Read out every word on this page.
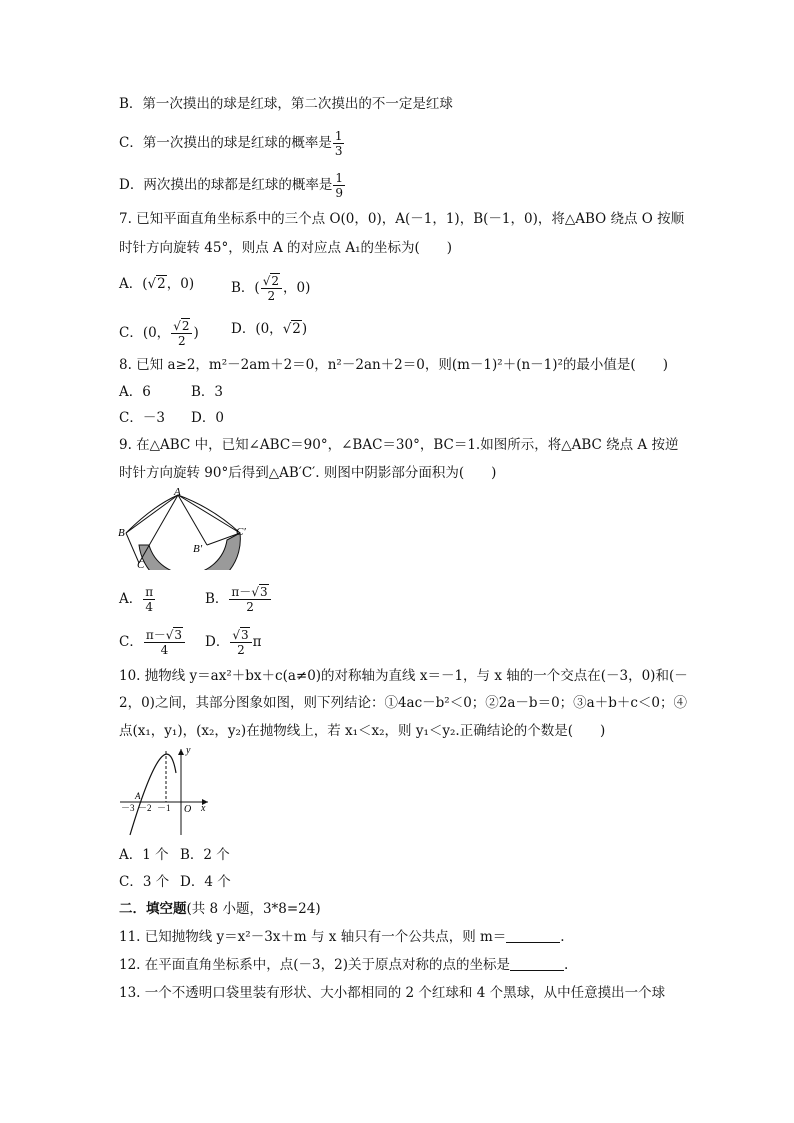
B．第一次摸出的球是红球，第二次摸出的不一定是红球
C．第一次摸出的球是红球的概率是 $\frac{1}{3}$
D．两次摸出的球都是红球的概率是 $\frac{1}{9}$
7. 已知平面直角坐标系中的三个点 O(0，0)，A(－1，1)，B(－1，0)，将△ABO 绕点 O 按顺
时针方向旋转 45°，则点 A 的对应点 A₁的坐标为(　　)
A．(√2，0)	B．( $\frac{√2}{2}$ ，0)
C．(0， $\frac{√2}{2}$ ) D．(0，√2)
8. 已知 a≥2，m²－2am＋2＝0，n²－2an＋2＝0，则(m－1)²＋(n－1)²的最小值是(　　)
A．6	B．3
C．－3 D．0
9. 在△ABC 中，已知∠ABC＝90°，∠BAC＝30°，BC＝1.如图所示，将△ABC 绕点 A 按逆
时针方向旋转 90°后得到△AB′C′. 则图中阴影部分面积为(　　)
A
B
C
B′
C′
A． $\frac{\pi}{4}$	B． $\frac{\pi-√3}{2}$
C． $\frac{\pi-√3}{4}$ D． $\frac{√3}{2}$ π
10. 抛物线 y＝ax²＋bx＋c(a≠0)的对称轴为直线 x＝－1，与 x 轴的一个交点在(－3，0)和(－
2，0)之间，其部分图象如图，则下列结论：①4ac－b²＜0；②2a－b＝0；③a＋b＋c＜0；④
点(x₁，y₁)，(x₂，y₂)在抛物线上，若 x₁＜x₂，则 y₁＜y₂.正确结论的个数是(　　)
y
x
O
A
－3 －2 －1
A．1 个 B．2 个
C．3 个 D．4 个
二．填空题(共 8 小题，3*8=24)
11. 已知抛物线 y＝x²－3x＋m 与 x 轴只有一个公共点，则 m＝	.
12. 在平面直角坐标系中，点(－3，2)关于原点对称的点的坐标是	.
13. 一个不透明口袋里装有形状、大小都相同的 2 个红球和 4 个黑球，从中任意摸出一个球
